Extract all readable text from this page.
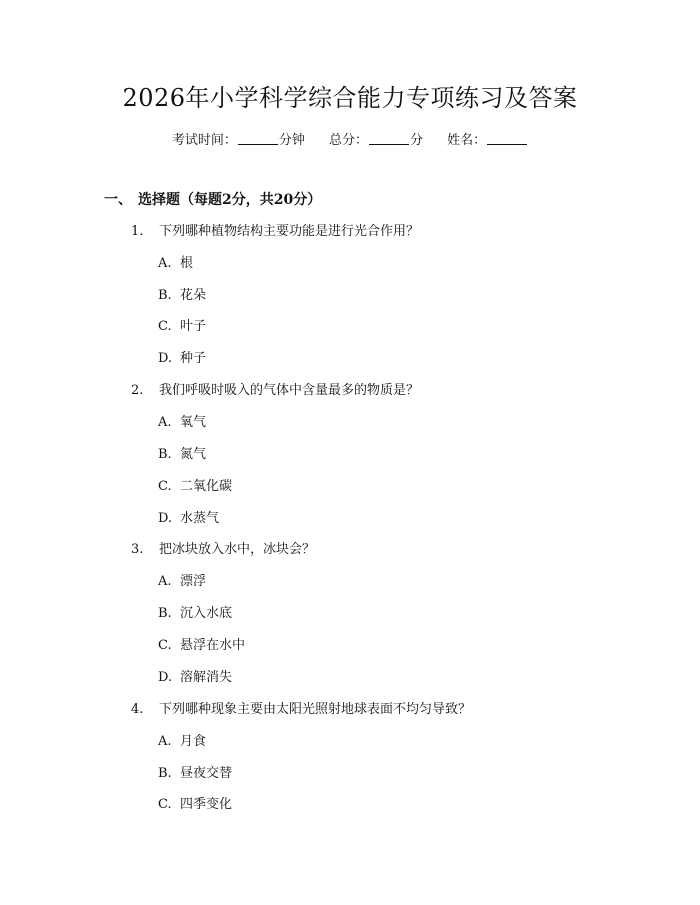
2026年小学科学综合能力专项练习及答案
考试时间：	分钟 总分：	分 姓名：
一、 选择题（每题2分，共20分）
1. 下列哪种植物结构主要功能是进行光合作用？
A. 根
B. 花朵
C. 叶子
D. 种子
2. 我们呼吸时吸入的气体中含量最多的物质是？
A. 氧气
B. 氮气
C. 二氧化碳
D. 水蒸气
3. 把冰块放入水中，冰块会？
A. 漂浮
B. 沉入水底
C. 悬浮在水中
D. 溶解消失
4. 下列哪种现象主要由太阳光照射地球表面不均匀导致？
A. 月食
B. 昼夜交替
C. 四季变化
